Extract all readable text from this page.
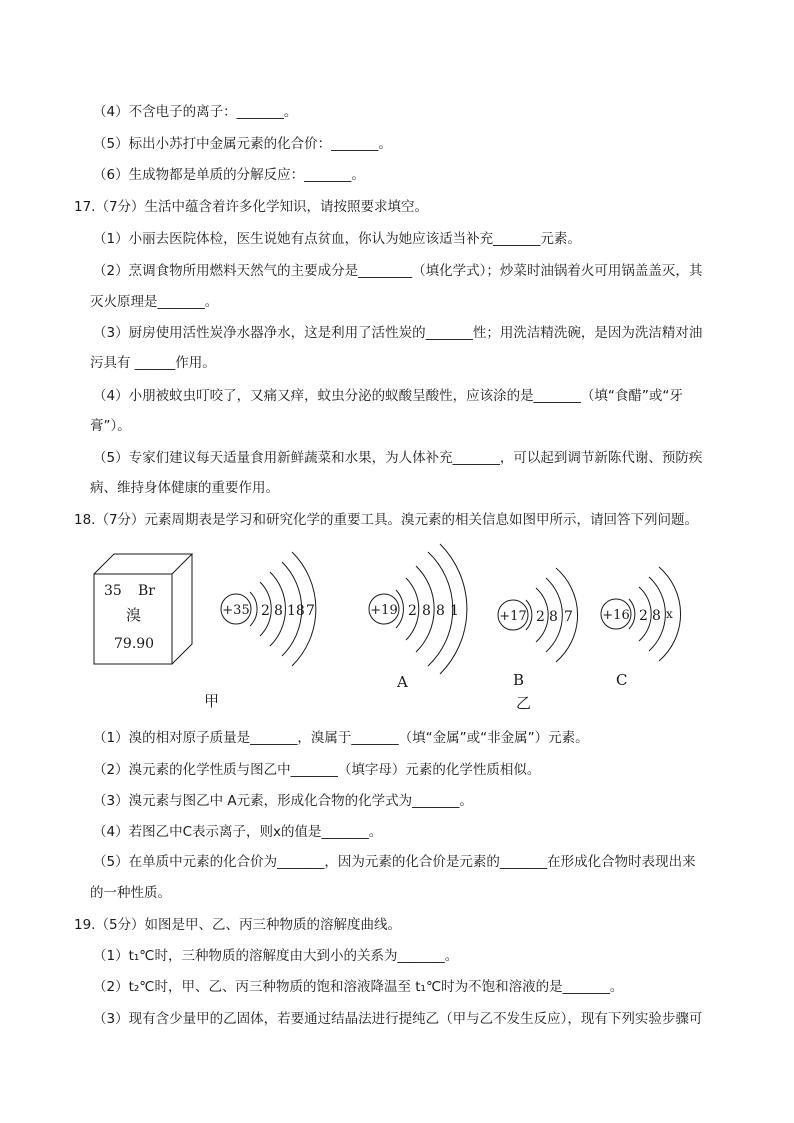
（4）不含电子的离子：_______。
（5）标出小苏打中金属元素的化合价：_______。
（6）生成物都是单质的分解反应：_______。
17.（7分）生活中蕴含着许多化学知识，请按照要求填空。
（1）小丽去医院体检，医生说她有点贫血，你认为她应该适当补充_______元素。
（2）烹调食物所用燃料天然气的主要成分是________（填化学式）；炒菜时油锅着火可用锅盖盖灭，其
灭火原理是_______。
（3）厨房使用活性炭净水器净水，这是利用了活性炭的_______性；用洗洁精洗碗，是因为洗洁精对油
污具有 ______作用。
（4）小朋被蚊虫叮咬了，又痛又痒，蚊虫分泌的蚁酸呈酸性，应该涂的是_______（填“食醋”或“牙
膏”）。
（5）专家们建议每天适量食用新鲜蔬菜和水果，为人体补充_______，可以起到调节新陈代谢、预防疾
病、维持身体健康的重要作用。
18.（7分）元素周期表是学习和研究化学的重要工具。溴元素的相关信息如图甲所示，请回答下列问题。
35 Br
溴
79.90
+35 2 8 18 7
甲
+19 2 8 8 1
A
+17 2 8 7
B
乙
+16 2 8 x
C
（1）溴的相对原子质量是_______，溴属于_______（填“金属”或“非金属”）元素。
（2）溴元素的化学性质与图乙中_______（填字母）元素的化学性质相似。
（3）溴元素与图乙中 A元素，形成化合物的化学式为_______。
（4）若图乙中C表示离子，则x的值是_______。
（5）在单质中元素的化合价为_______，因为元素的化合价是元素的_______在形成化合物时表现出来
的一种性质。
19.（5分）如图是甲、乙、丙三种物质的溶解度曲线。
（1）t₁℃时，三种物质的溶解度由大到小的关系为_______。
（2）t₂℃时，甲、乙、丙三种物质的饱和溶液降温至 t₁℃时为不饱和溶液的是_______。
（3）现有含少量甲的乙固体，若要通过结晶法进行提纯乙（甲与乙不发生反应），现有下列实验步骤可
